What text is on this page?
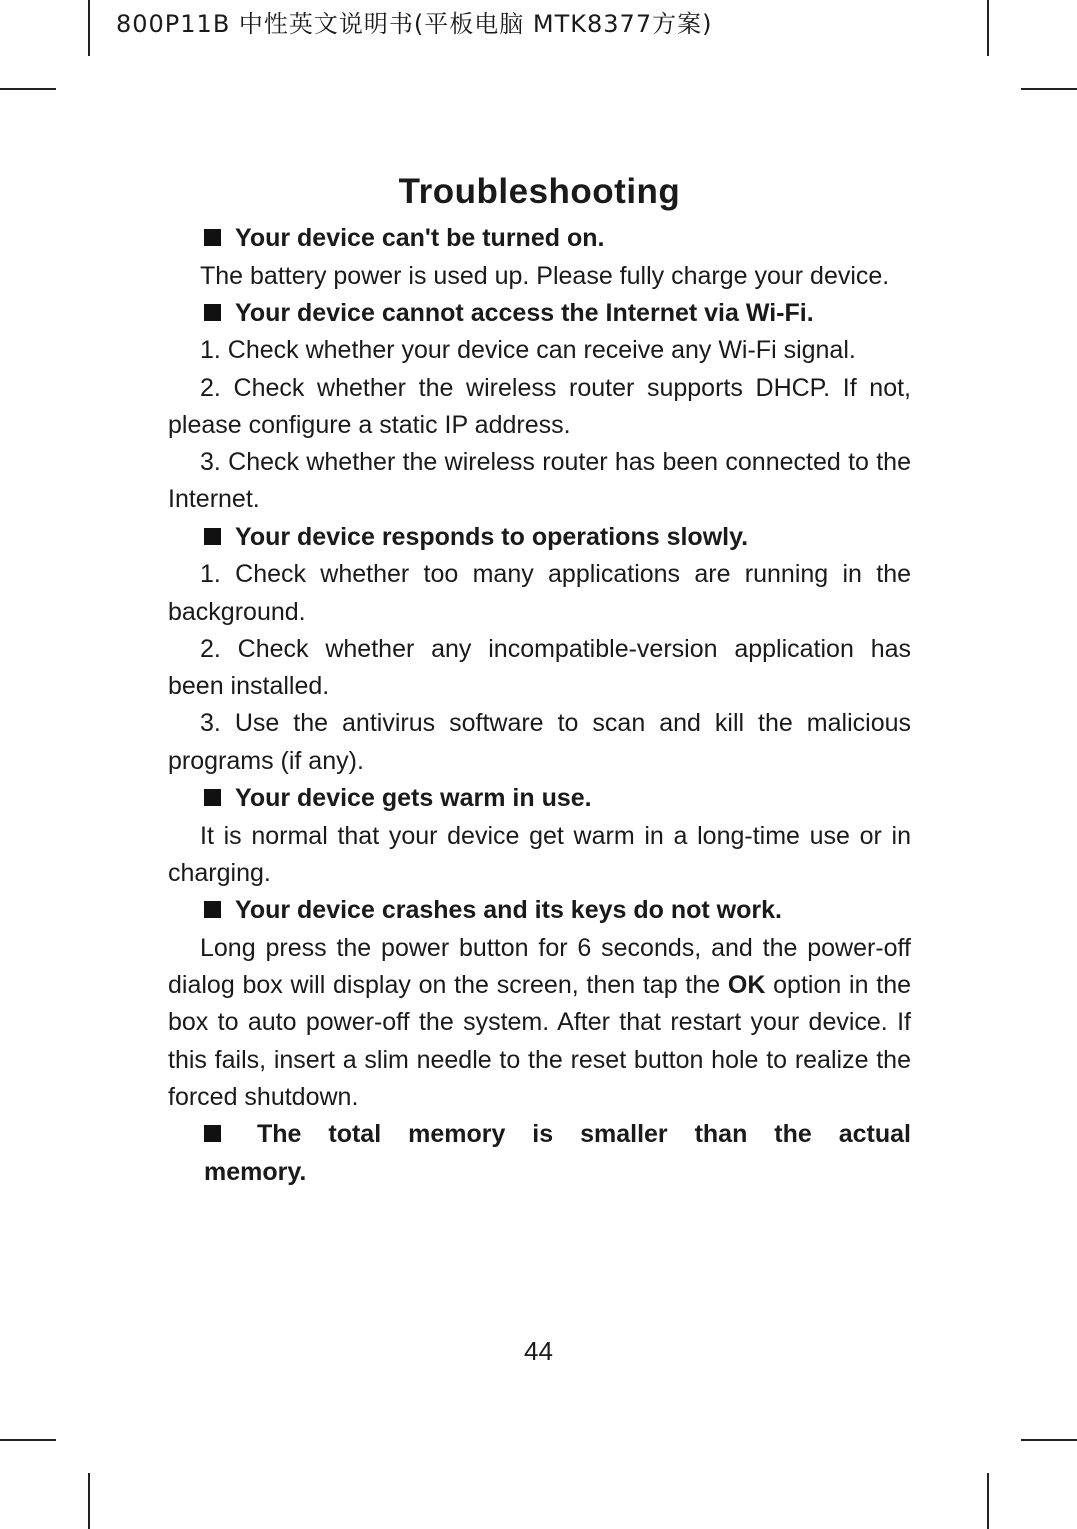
800P11B 中性英文说明书(平板电脑 MTK8377方案)
Troubleshooting
Your device can't be turned on.

The battery power is used up. Please fully charge your device.

Your device cannot access the Internet via Wi-Fi.

1. Check whether your device can receive any Wi-Fi signal.

2. Check whether the wireless router supports DHCP. If not, please configure a static IP address.

3. Check whether the wireless router has been connected to the Internet.

Your device responds to operations slowly.

1. Check whether too many applications are running in the background.

2. Check whether any incompatible-version application has been installed.

3. Use the antivirus software to scan and kill the malicious programs (if any).

Your device gets warm in use.

It is normal that your device get warm in a long-time use or in charging.

Your device crashes and its keys do not work.

Long press the power button for 6 seconds, and the power-off dialog box will display on the screen, then tap the OK option in the box to auto power-off the system. After that restart your device. If this fails, insert a slim needle to the reset button hole to realize the forced shutdown.

The total memory is smaller than the actual memory.
44
